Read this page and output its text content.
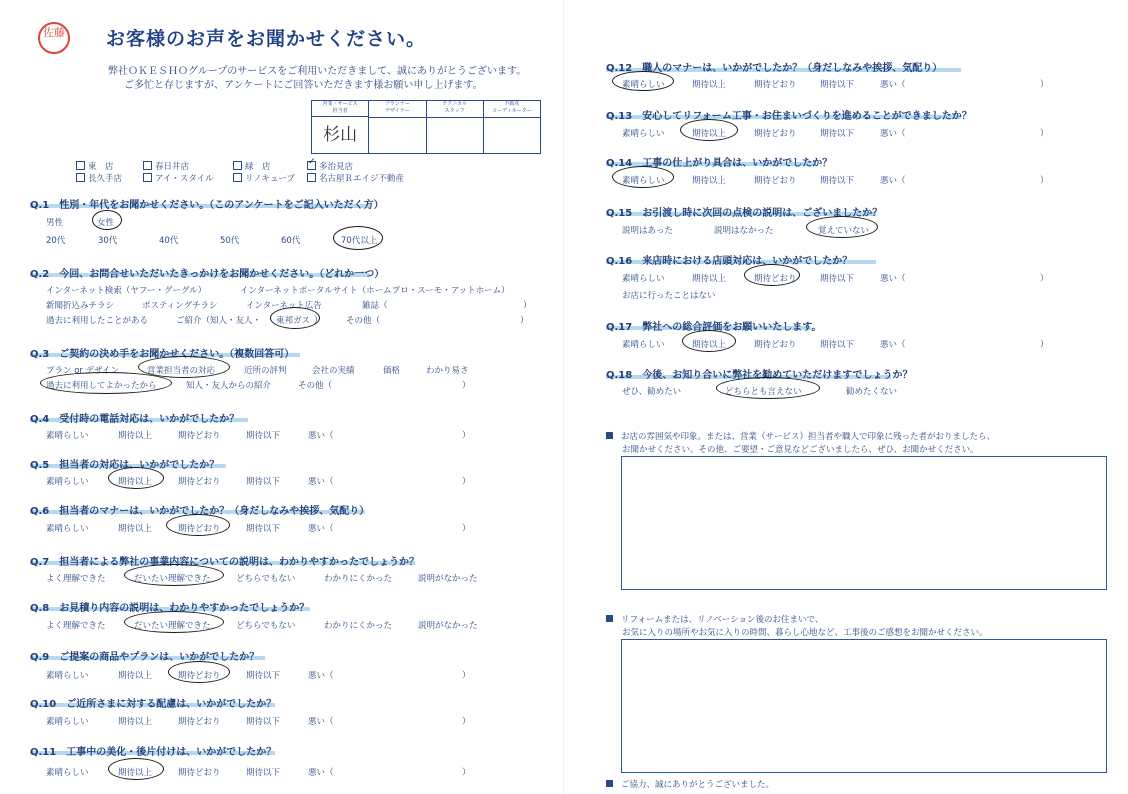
佐藤 お客様のお声をお聞かせください。
弊社ＯＫＥＳＨＯグループのサービスをご利用いただきまして、誠にありがとうございます。
ご多忙と存じますが、アンケートにご回答いただきます様お願い申し上げます。
営業・サービス
担当者
杉山
プランナー
デザイナー
テクニカル
スタッフ
不動産
コーディネーター
東　店	春日井店	緑　店
✓	多治見店
長久手店	アイ・スタイル	リノキューブ	名古屋Ｒエイジ不動産
Q.1　性別・年代をお聞かせください。（このアンケートをご記入いただく方）
男性	女性
20代	30代	40代	50代	60代	70代以上
Q.2　今回、お問合せいただいたきっかけをお聞かせください。（どれか一つ）
インターネット検索（ヤフー・グーグル）	インターネットポータルサイト（ホームプロ・スーモ・アットホーム）
新聞折込みチラシ	ポスティングチラシ	インターネット広告	雑誌（	）
過去に利用したことがある	ご紹介（知人・友人・ 東邦ガス ）	その他（	）
Q.3　ご契約の決め手をお聞かせください。（複数回答可）
プラン or デザイン	営業担当者の対応	近所の評判	会社の実績	価格	わかり易さ
過去に利用してよかったから	知人・友人からの紹介	その他（	）
Q.4　受付時の電話対応は、いかがでしたか？
素晴らしい	期待以上	期待どおり	期待以下	悪い（	）
Q.5　担当者の対応は、いかがでしたか？
素晴らしい	期待以上	期待どおり	期待以下	悪い（	）
Q.6　担当者のマナーは、いかがでしたか？（身だしなみや挨拶、気配り）
素晴らしい	期待以上	期待どおり	期待以下	悪い（	）
Q.7　担当者による弊社の事業内容についての説明は、わかりやすかったでしょうか？
よく理解できた	だいたい理解できた	どちらでもない	わかりにくかった	説明がなかった
Q.8　お見積り内容の説明は、わかりやすかったでしょうか？
よく理解できた	だいたい理解できた	どちらでもない	わかりにくかった	説明がなかった
Q.9　ご提案の商品やプランは、いかがでしたか？
素晴らしい	期待以上	期待どおり	期待以下	悪い（	）
Q.10　ご近所さまに対する配慮は、いかがでしたか？
素晴らしい	期待以上	期待どおり	期待以下	悪い（	）
Q.11　工事中の美化・後片付けは、いかがでしたか？
素晴らしい	期待以上	期待どおり	期待以下	悪い（	）
Q.12　職人のマナーは、いかがでしたか？（身だしなみや挨拶、気配り）
素晴らしい	期待以上	期待どおり	期待以下	悪い（	）
Q.13　安心してリフォーム工事・お住まいづくりを進めることができましたか？
素晴らしい	期待以上	期待どおり	期待以下	悪い（	）
Q.14　工事の仕上がり具合は、いかがでしたか？
素晴らしい	期待以上	期待どおり	期待以下	悪い（	）
Q.15　お引渡し時に次回の点検の説明は、ございましたか？
説明はあった	説明はなかった	覚えていない
Q.16　来店時における店頭対応は、いかがでしたか？
素晴らしい	期待以上	期待どおり	期待以下	悪い（	）
お店に行ったことはない
Q.17　弊社への総合評価をお願いいたします。
素晴らしい	期待以上	期待どおり	期待以下	悪い（	）
Q.18　今後、お知り合いに弊社を勧めていただけますでしょうか？
ぜひ、勧めたい	どちらとも言えない	勧めたくない
お店の雰囲気や印象。または、営業（サービス）担当者や職人で印象に残った者がおりましたら、
お聞かせください。その他、ご要望・ご意見などございましたら、ぜひ、お聞かせください。
リフォームまたは、リノベーション後のお住まいで、
お気に入りの場所やお気に入りの時間、暮らし心地など、工事後のご感想をお聞かせください。
ご協力、誠にありがとうございました。
